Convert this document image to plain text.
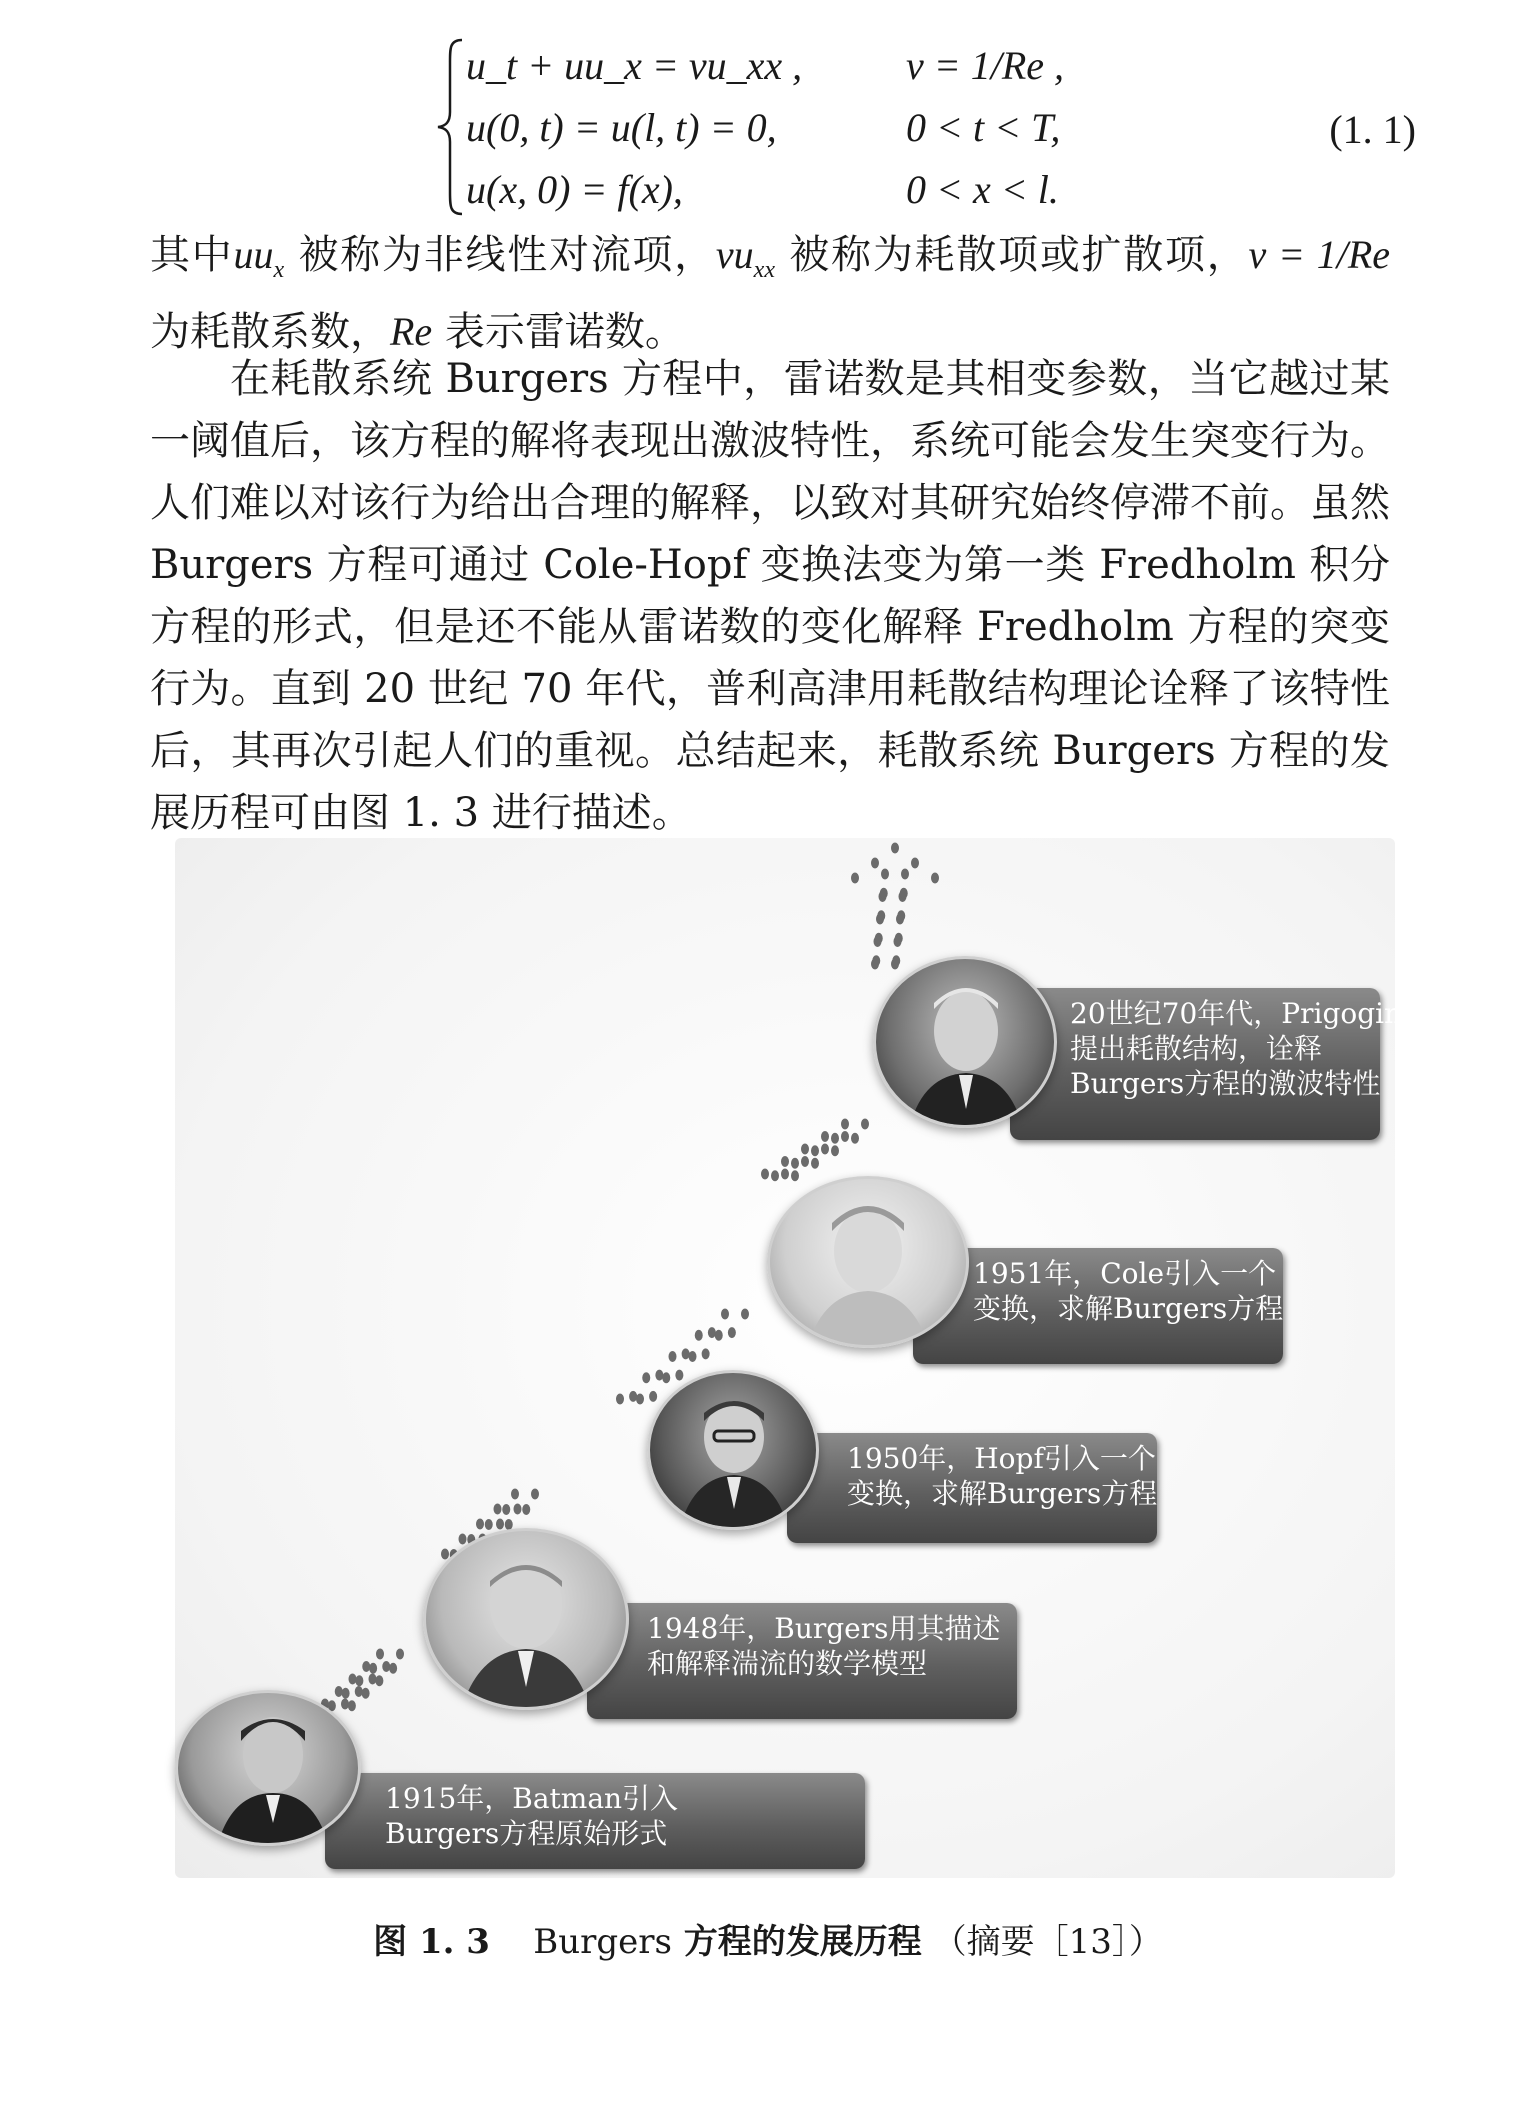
u_t + uu_x = νu_xx ,	ν = 1/Re ,
u(0, t) = u(l, t) = 0,	0 < t < T,
u(x, 0) = f(x),	0 < x < l.
(1. 1)

其中$uu_x$ 被称为非线性对流项，$\nu u_{xx}$ 被称为耗散项或扩散项，ν = 1/Re 为耗散系数，Re 表示雷诺数。

在耗散系统 Burgers 方程中，雷诺数是其相变参数，当它越过某一阈值后，该方程的解将表现出激波特性，系统可能会发生突变行为。人们难以对该行为给出合理的解释，以致对其研究始终停滞不前。虽然 Burgers 方程可通过 Cole-Hopf 变换法变为第一类 Fredholm 积分方程的形式，但是还不能从雷诺数的变化解释 Fredholm 方程的突变行为。直到 20 世纪 70 年代，普利高津用耗散结构理论诠释了该特性后，其再次引起人们的重视。总结起来，耗散系统 Burgers 方程的发展历程可由图 1. 3 进行描述。

1915年，Batman引入
Burgers方程原始形式
1948年，Burgers用其描述
和解释湍流的数学模型
1950年，Hopf引入一个
变换，求解Burgers方程
1951年，Cole引入一个
变换，求解Burgers方程
20世纪70年代，Prigogine
提出耗散结构，诠释
Burgers方程的激波特性
图 1. 3 Burgers 方程的发展历程 （摘要［13］）
